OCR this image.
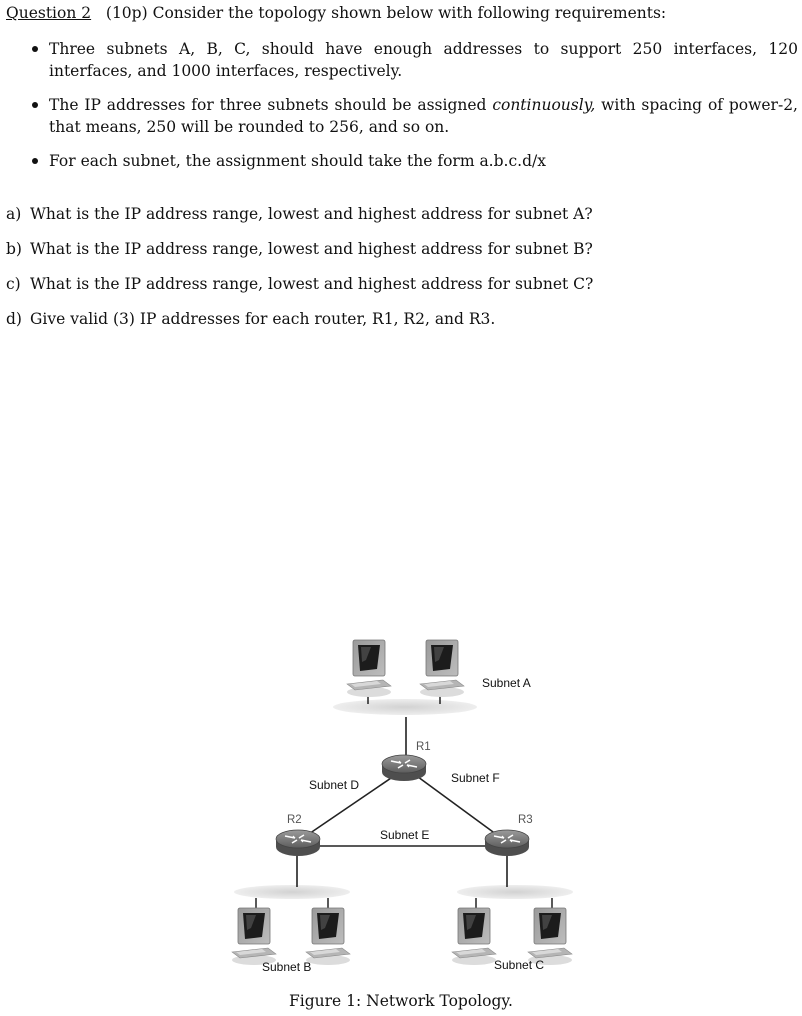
Question 2 (10p) Consider the topology shown below with following requirements:
Three subnets A, B, C, should have enough addresses to support 250 interfaces, 120 interfaces, and 1000 interfaces, respectively.
The IP addresses for three subnets should be assigned continuously, with spacing of power-2, that means, 250 will be rounded to 256, and so on.
For each subnet, the assignment should take the form a.b.c.d/x
a) What is the IP address range, lowest and highest address for subnet A?
b) What is the IP address range, lowest and highest address for subnet B?
c) What is the IP address range, lowest and highest address for subnet C?
d) Give valid (3) IP addresses for each router, R1, R2, and R3.
R1
R2	R3
Subnet A
Subnet D	Subnet F
Subnet E
Subnet B	Subnet C
Figure 1: Network Topology.
